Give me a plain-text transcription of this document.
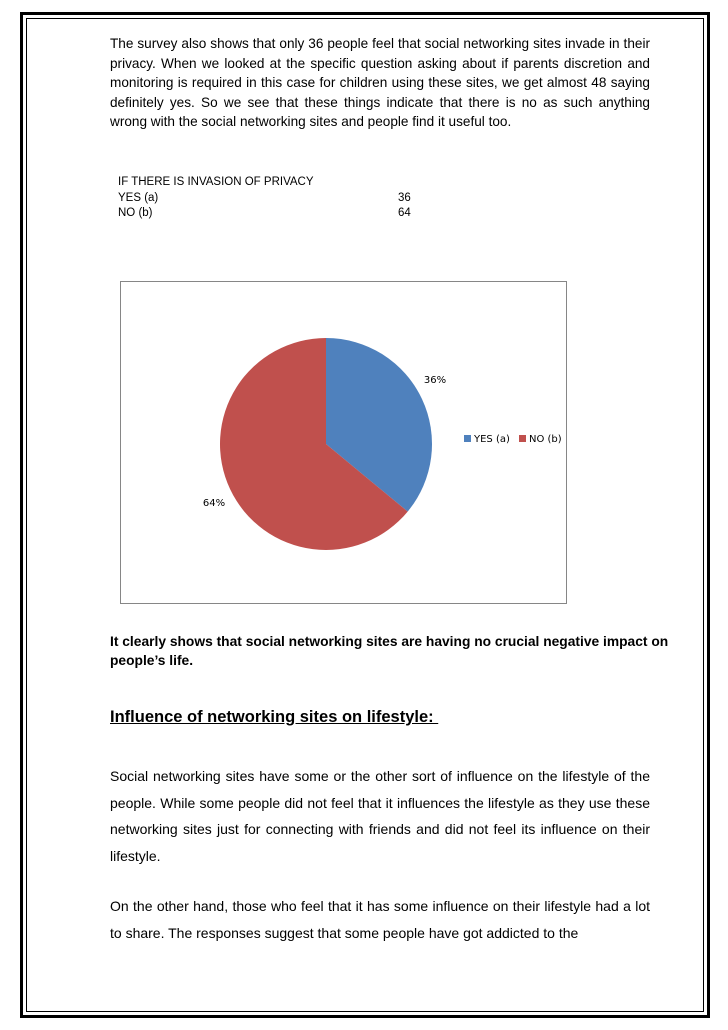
The survey also shows that only 36 people feel that social networking sites invade in their privacy. When we looked at the specific question asking about if parents discretion and monitoring is required in this case for children using these sites, we get almost 48 saying definitely yes. So we see that these things indicate that there is no as such anything wrong with the social networking sites and people find it useful too.

IF THERE IS INVASION OF PRIVACY
YES (a)	36
NO (b)	64
36%
64%
YES (a) NO (b)

It clearly shows that social networking sites are having no crucial negative impact on people’s life.

Influence of networking sites on lifestyle:

Social networking sites have some or the other sort of influence on the lifestyle of the people. While some people did not feel that it influences the lifestyle as they use these networking sites just for connecting with friends and did not feel its influence on their lifestyle.

On the other hand, those who feel that it has some influence on their lifestyle had a lot to share. The responses suggest that some people have got addicted to the
